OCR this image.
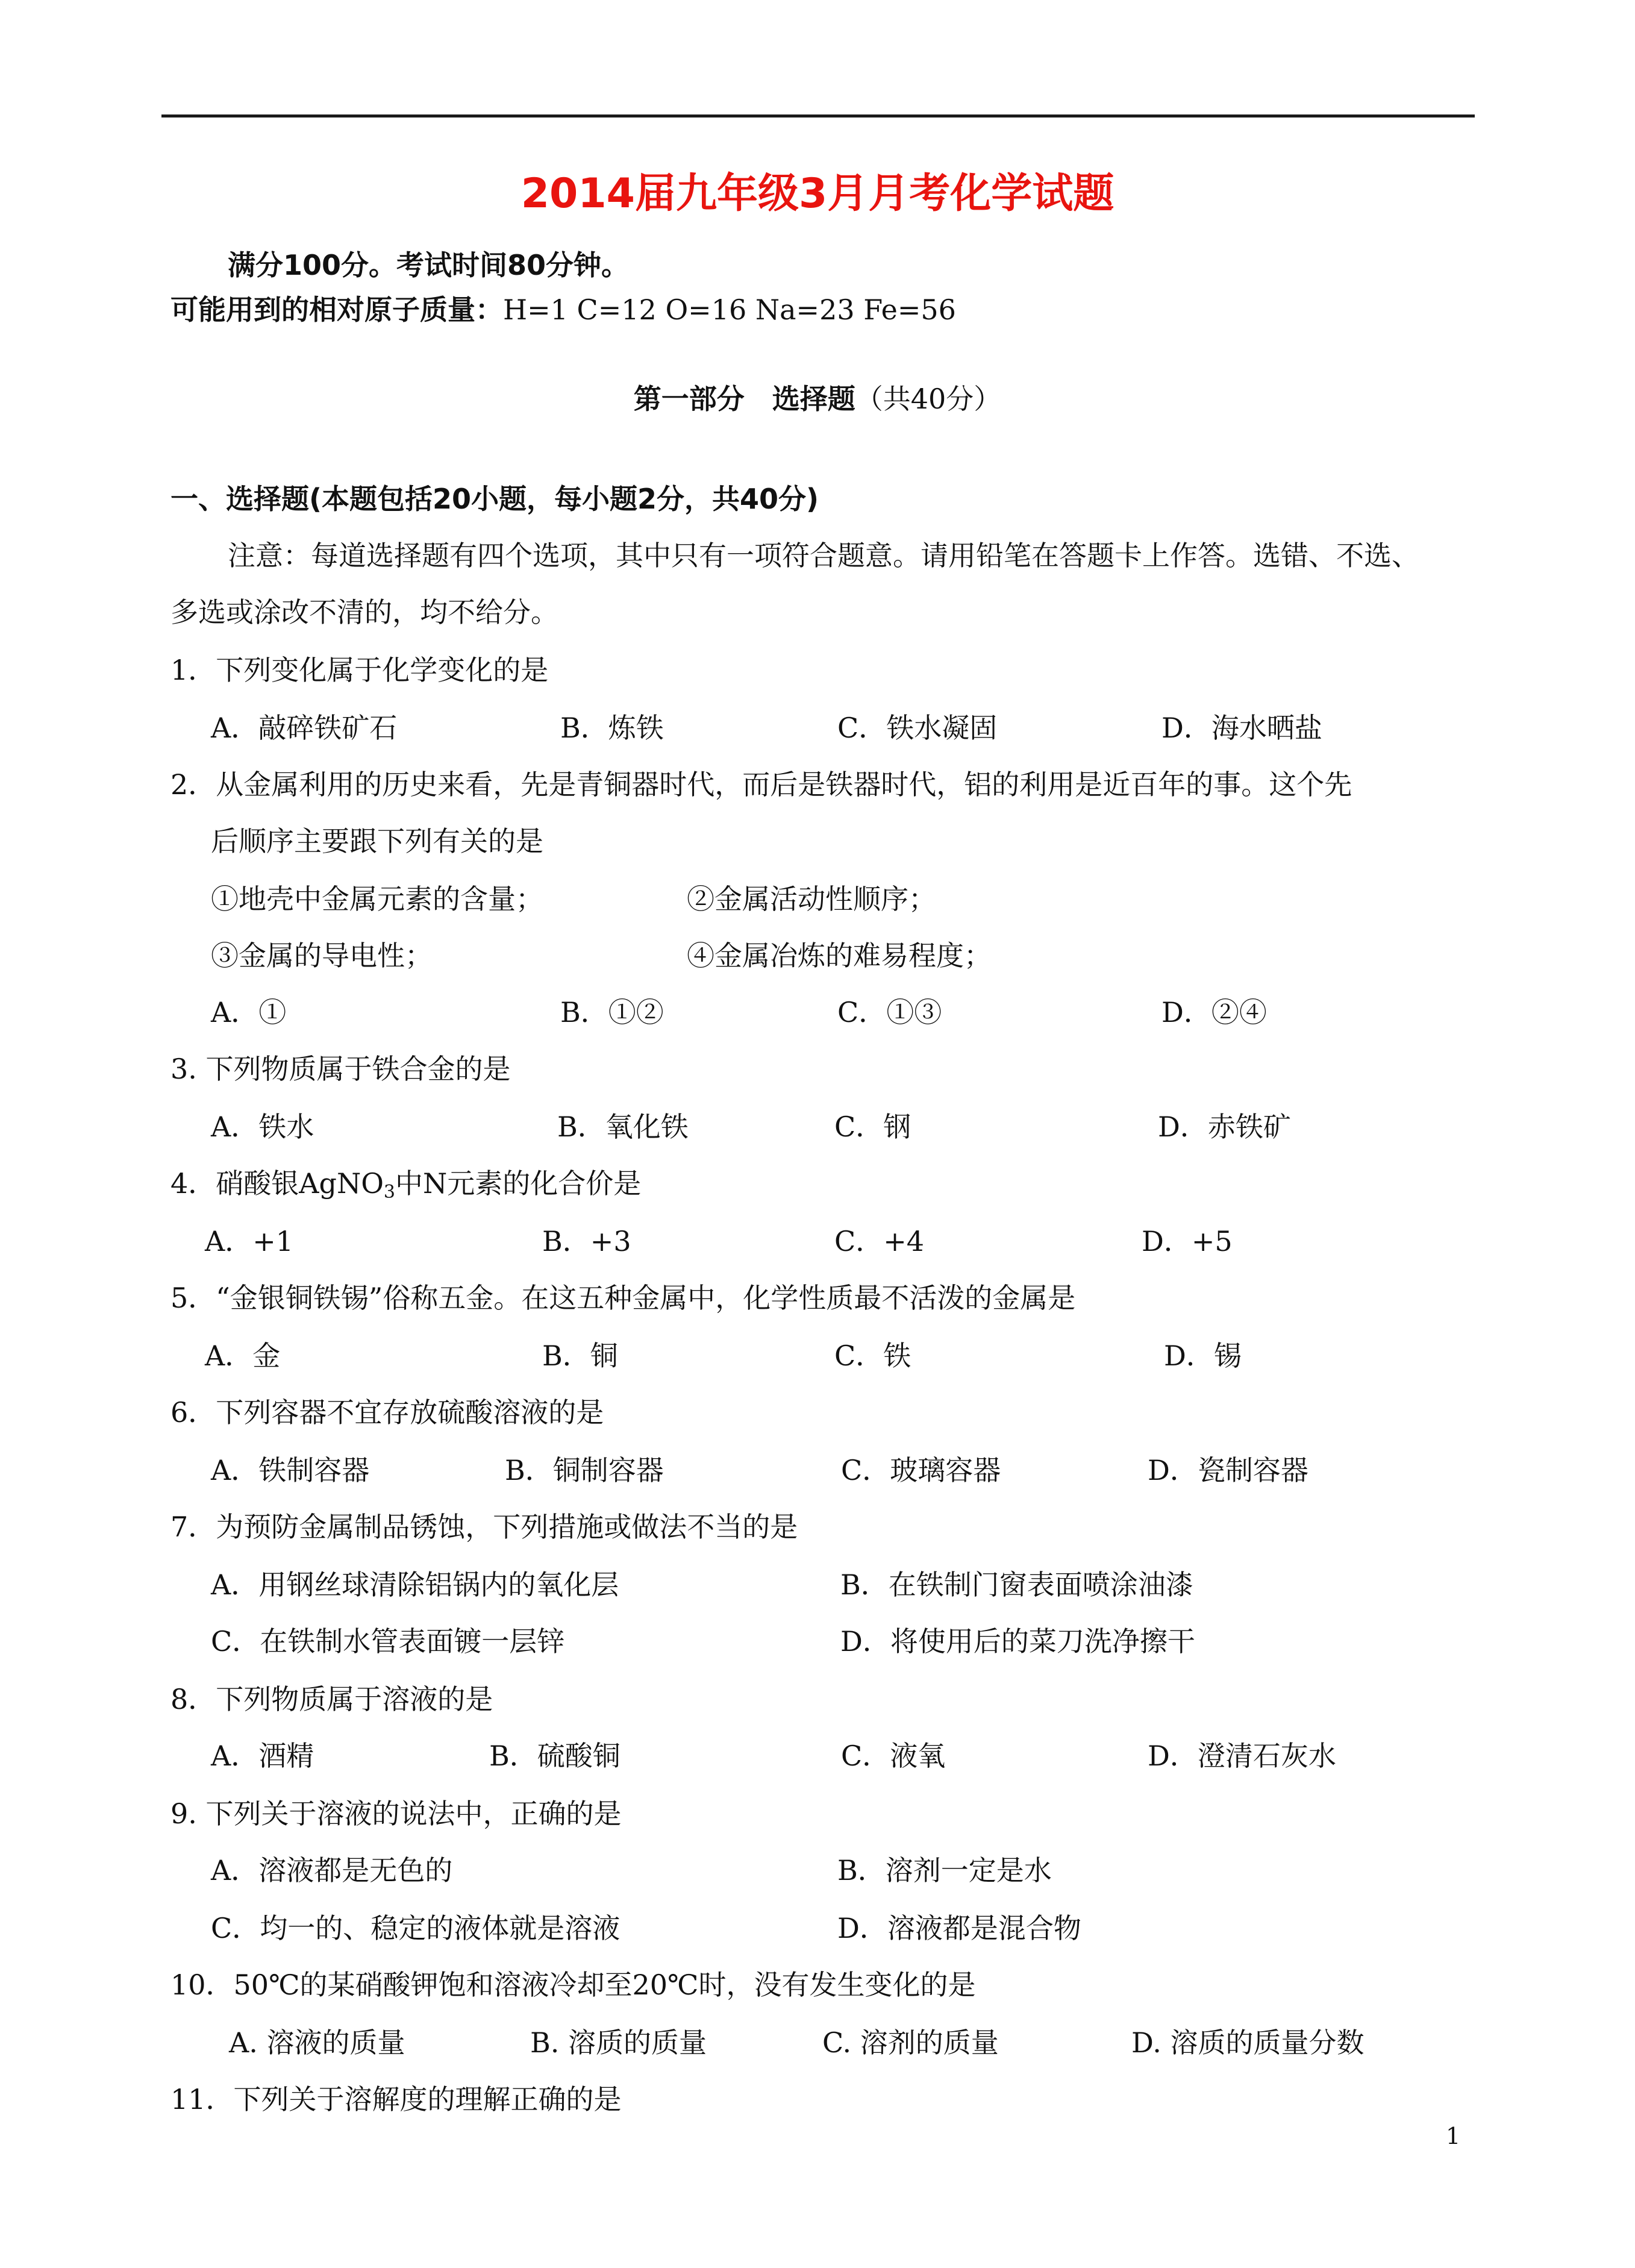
2014届九年级3月月考化学试题
满分100分。考试时间80分钟。
可能用到的相对原子质量：H=1 C=12 O=16 Na=23 Fe=56
第一部分　选择题（共40分）
一、选择题(本题包括20小题，每小题2分，共40分)
注意：每道选择题有四个选项，其中只有一项符合题意。请用铅笔在答题卡上作答。选错、不选、
多选或涂改不清的，均不给分。
1．下列变化属于化学变化的是
A．敲碎铁矿石	B．炼铁	C．铁水凝固	D．海水晒盐
2．从金属利用的历史来看，先是青铜器时代，而后是铁器时代，铝的利用是近百年的事。这个先
后顺序主要跟下列有关的是
①地壳中金属元素的含量；	②金属活动性顺序；
③金属的导电性；	④金属冶炼的难易程度；
A．①	B．①②	C．①③	D．②④
3. 下列物质属于铁合金的是
A．铁水	B．氧化铁	C．钢	D．赤铁矿
4．硝酸银AgNO$_3$中N元素的化合价是
A．+1	B．+3	C．+4	D．+5
5．“金银铜铁锡”俗称五金。在这五种金属中，化学性质最不活泼的金属是
A．金	B．铜	C．铁	D．锡
6．下列容器不宜存放硫酸溶液的是
A．铁制容器	B．铜制容器	C．玻璃容器	D．瓷制容器
7．为预防金属制品锈蚀，下列措施或做法不当的是
A．用钢丝球清除铝锅内的氧化层	B．在铁制门窗表面喷涂油漆
C．在铁制水管表面镀一层锌	D．将使用后的菜刀洗净擦干
8．下列物质属于溶液的是
A．酒精	B．硫酸铜	C．液氧	D．澄清石灰水
9. 下列关于溶液的说法中，正确的是
A．溶液都是无色的	B．溶剂一定是水
C．均一的、稳定的液体就是溶液	D．溶液都是混合物
10．50℃的某硝酸钾饱和溶液冷却至20℃时，没有发生变化的是
A. 溶液的质量	B. 溶质的质量	C. 溶剂的质量	D. 溶质的质量分数
11．下列关于溶解度的理解正确的是
1
